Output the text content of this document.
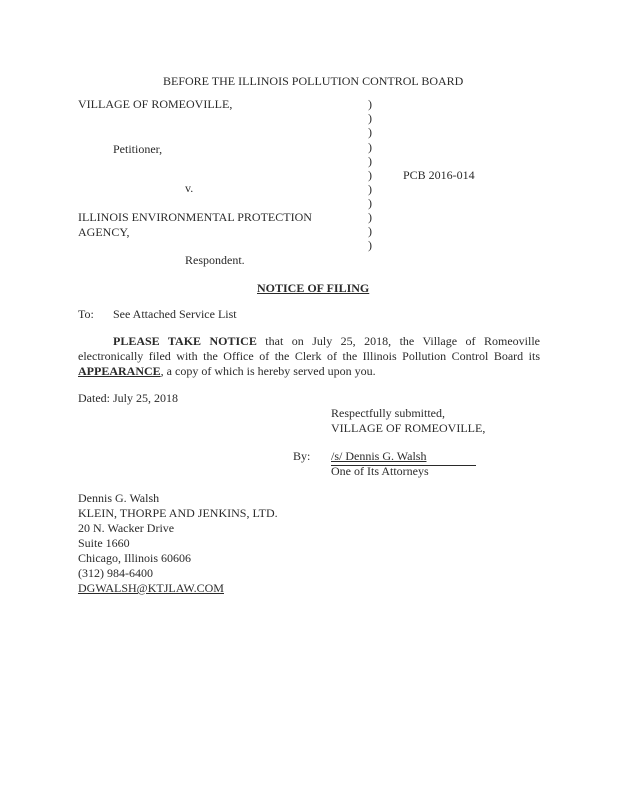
BEFORE THE ILLINOIS POLLUTION CONTROL BOARD
VILLAGE OF ROMEOVILLE,
Petitioner,
v.
ILLINOIS ENVIRONMENTAL PROTECTION
AGENCY,
Respondent.
PCB 2016-014
)
)
)
)
)
)
)
)
)
)
)
NOTICE OF FILING
To: See Attached Service List
PLEASE TAKE NOTICE that on July 25, 2018, the Village of Romeoville
electronically filed with the Office of the Clerk of the Illinois Pollution Control Board its
APPEARANCE, a copy of which is hereby served upon you.
Dated: July 25, 2018
Respectfully submitted,
VILLAGE OF ROMEOVILLE,
By: /s/ Dennis G. Walsh
One of Its Attorneys
Dennis G. Walsh
KLEIN, THORPE AND JENKINS, LTD.
20 N. Wacker Drive
Suite 1660
Chicago, Illinois 60606
(312) 984-6400
DGWALSH@KTJLAW.COM
